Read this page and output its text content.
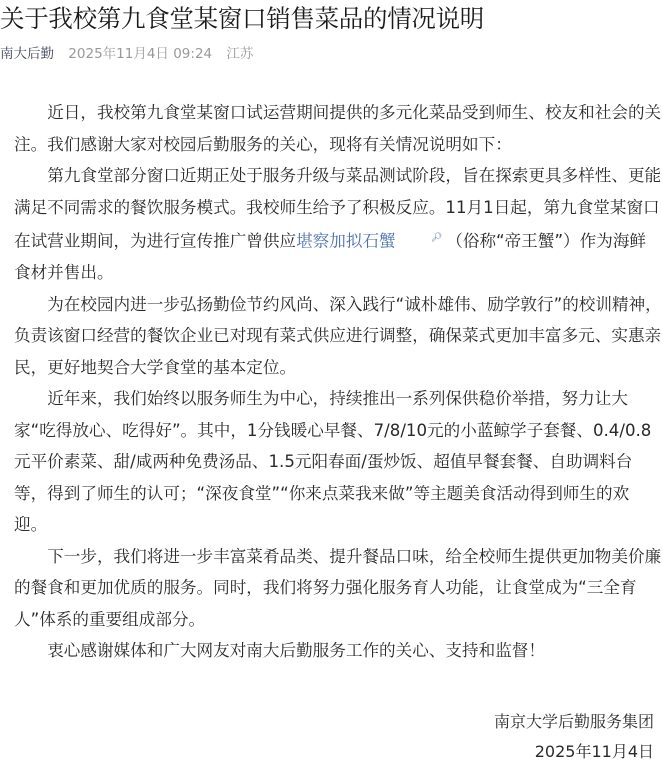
关于我校第九食堂某窗口销售菜品的情况说明
南大后勤 2025年11月4日 09:24 江苏

近日，我校第九食堂某窗口试运营期间提供的多元化菜品受到师生、校友和社会的关注。我们感谢大家对校园后勤服务的关心，现将有关情况说明如下：

第九食堂部分窗口近期正处于服务升级与菜品测试阶段，旨在探索更具多样性、更能满足不同需求的餐饮服务模式。我校师生给予了积极反应。11月1日起，第九食堂某窗口在试营业期间，为进行宣传推广曾供应堪察加拟石蟹	🔎︎ （俗称“帝王蟹”）作为海鲜食材并售出。

为在校园内进一步弘扬勤俭节约风尚、深入践行“诚朴雄伟、励学敦行”的校训精神，负责该窗口经营的餐饮企业已对现有菜式供应进行调整，确保菜式更加丰富多元、实惠亲民，更好地契合大学食堂的基本定位。

近年来，我们始终以服务师生为中心，持续推出一系列保供稳价举措，努力让大家“吃得放心、吃得好”。其中，1分钱暖心早餐、7/8/10元的小蓝鲸学子套餐、0.4/0.8元平价素菜、甜/咸两种免费汤品、1.5元阳春面/蛋炒饭、超值早餐套餐、自助调料台等，得到了师生的认可；“深夜食堂”“你来点菜我来做”等主题美食活动得到师生的欢迎。

下一步，我们将进一步丰富菜肴品类、提升餐品口味，给全校师生提供更加物美价廉的餐食和更加优质的服务。同时，我们将努力强化服务育人功能，让食堂成为“三全育人”体系的重要组成部分。

衷心感谢媒体和广大网友对南大后勤服务工作的关心、支持和监督！

南京大学后勤服务集团
2025年11月4日
